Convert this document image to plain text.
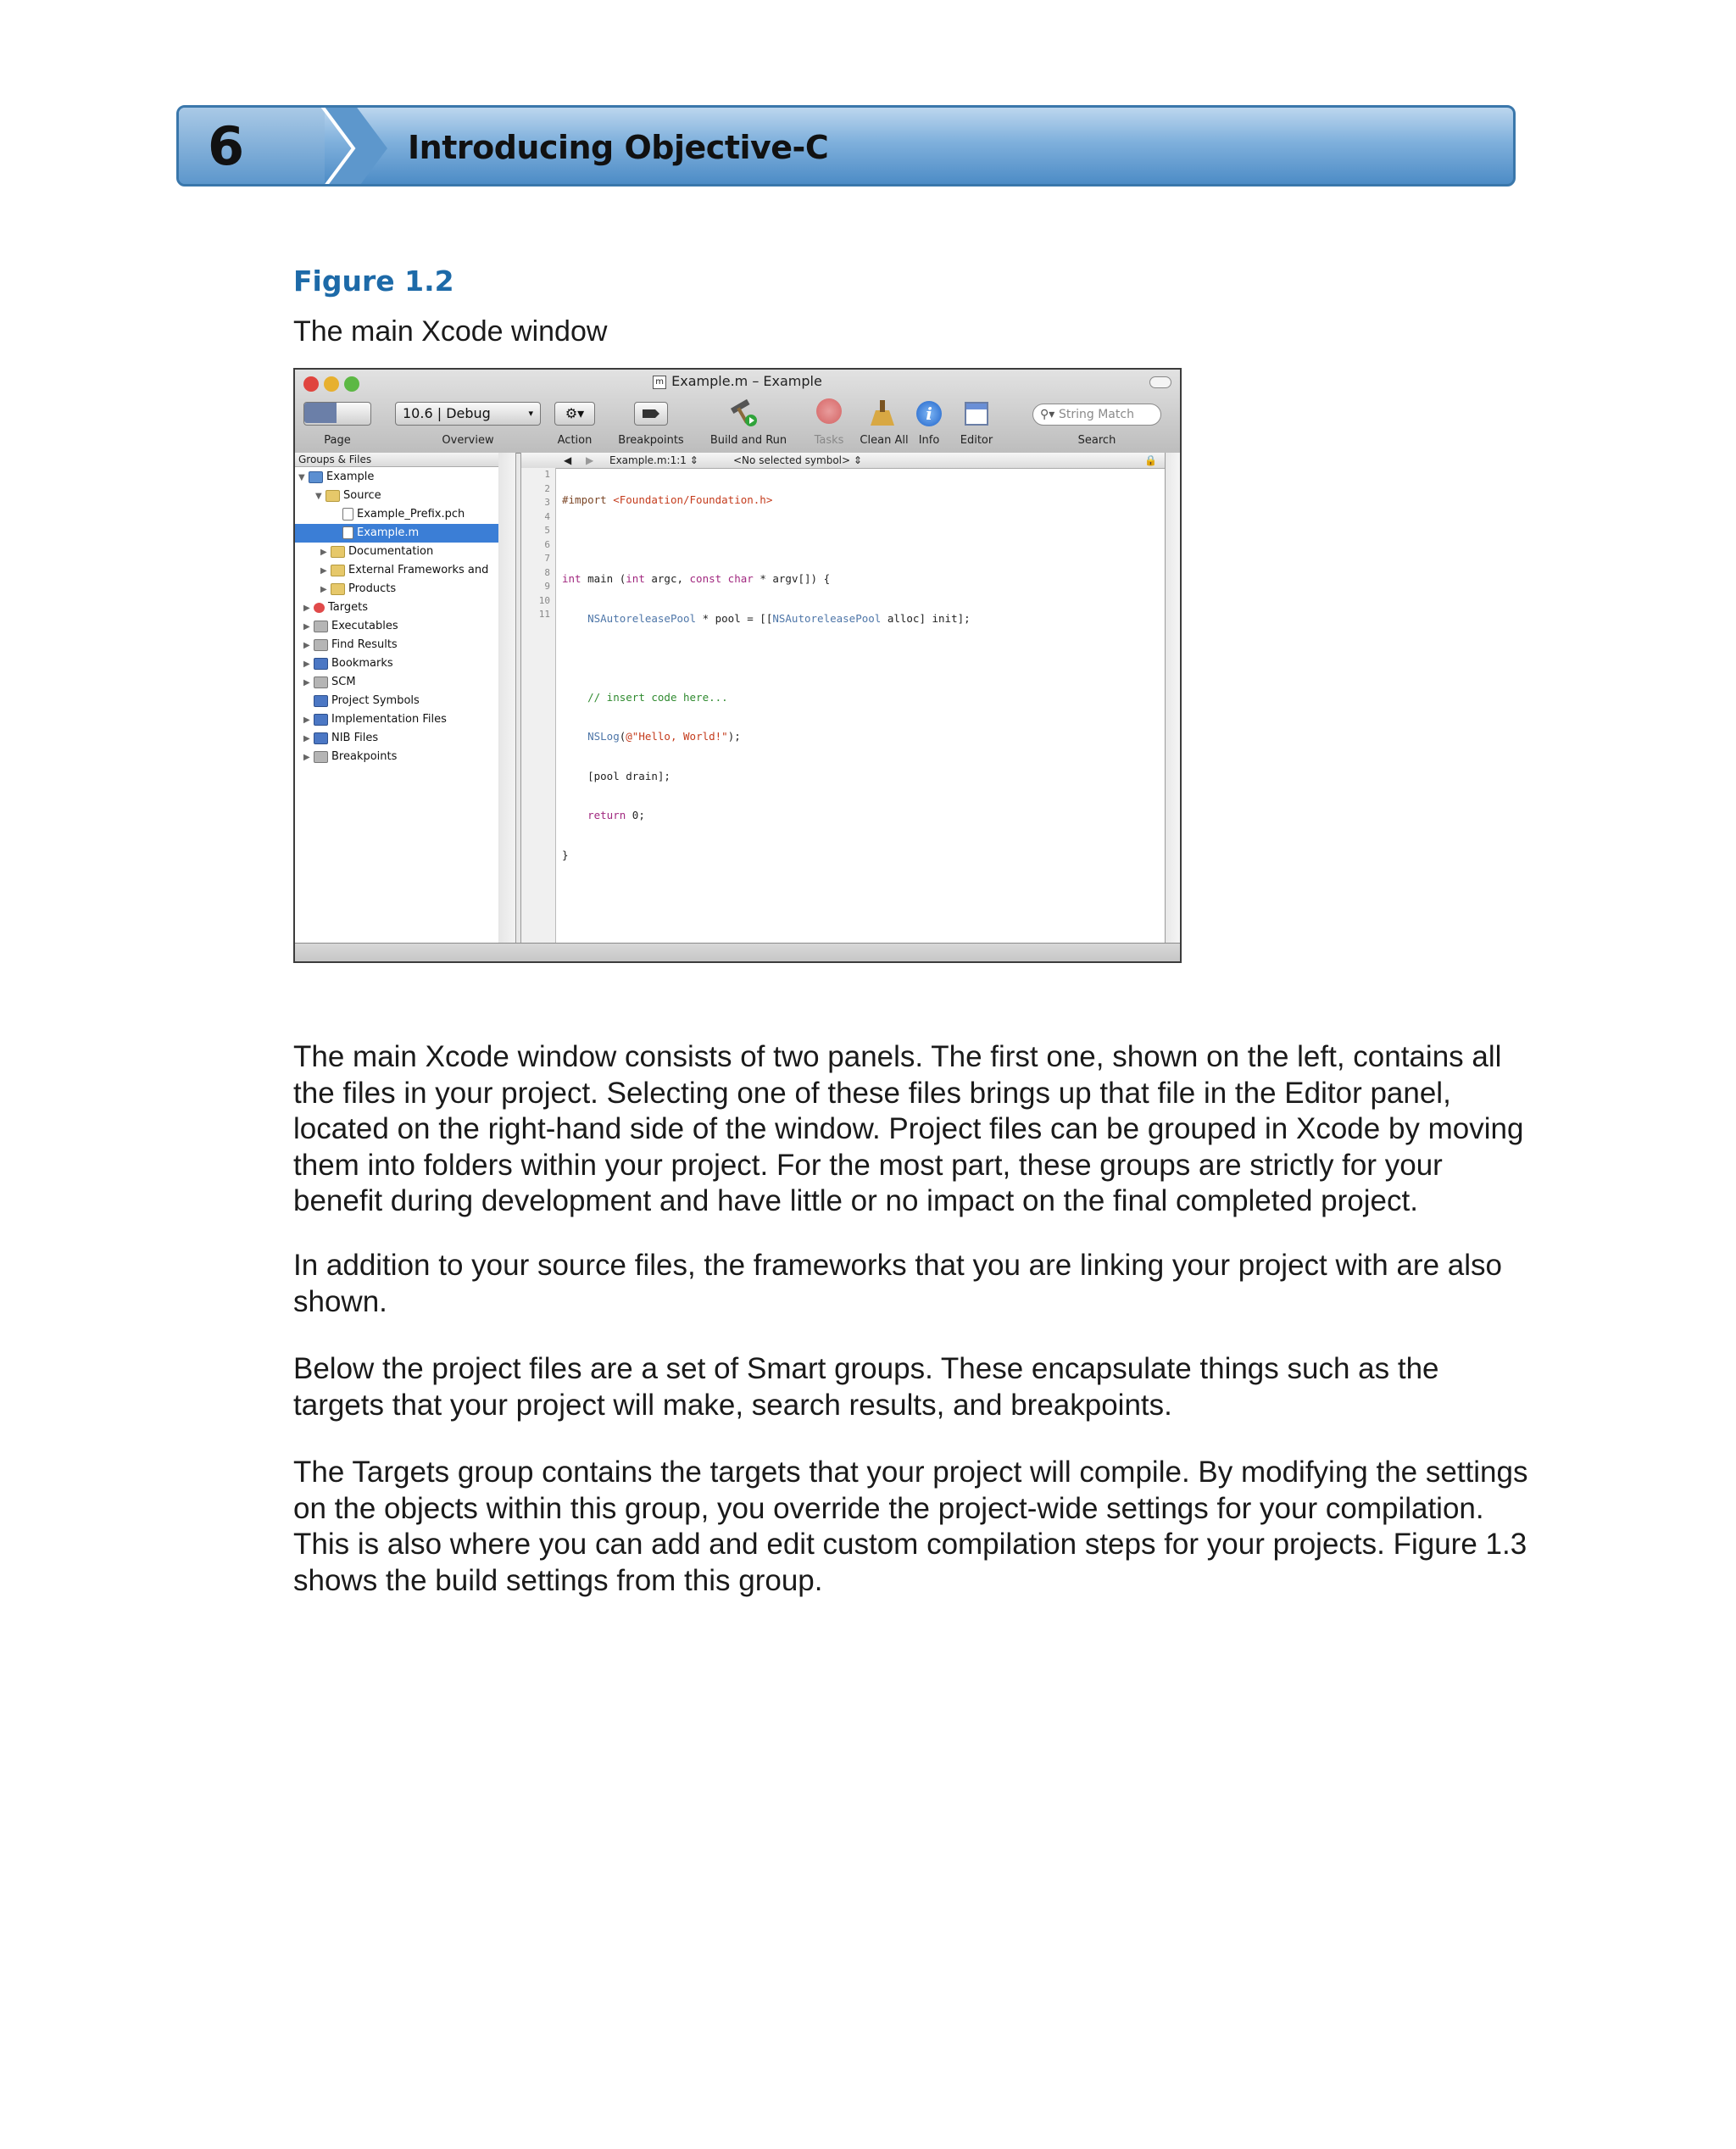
6	Introducing Objective-C
Figure 1.2
The main Xcode window
m Example.m – Example
Page
10.6 | Debug	▾
Overview
⚙▾
Action	Breakpoints	Build and Run	Tasks	Clean All
i
Info	Editor
⚲▾ String Match
Search
Groups & Files
▼ Example
▼ Source
Example_Prefix.pch
Example.m
▶ Documentation
▶ External Frameworks and
▶ Products
▶ Targets
▶ Executables
▶ Find Results
▶ Bookmarks
▶ SCM
Project Symbols
▶ Implementation Files
▶ NIB Files
▶ Breakpoints
◀ ▶ Example.m:1:1 ⇕	<No selected symbol> ⇕	🔒
1
2
3
4
5
6
7
8
9
10
11

#import <Foundation/Foundation.h>

int main (int argc, const char * argv[]) {

NSAutoreleasePool * pool = [[NSAutoreleasePool alloc] init];

// insert code here...

NSLog(@"Hello, World!");

[pool drain];

return 0;

}

The main Xcode window consists of two panels. The first one, shown on the left, contains all the files in your project. Selecting one of these files brings up that file in the Editor panel, located on the right-hand side of the window. Project files can be grouped in Xcode by moving them into folders within your project. For the most part, these groups are strictly for your benefit during development and have little or no impact on the final completed project.

In addition to your source files, the frameworks that you are linking your project with are also shown.

Below the project files are a set of Smart groups. These encapsulate things such as the targets that your project will make, search results, and breakpoints.

The Targets group contains the targets that your project will compile. By modifying the settings on the objects within this group, you override the project-wide settings for your compilation. This is also where you can add and edit custom compilation steps for your projects. Figure 1.3 shows the build settings from this group.
